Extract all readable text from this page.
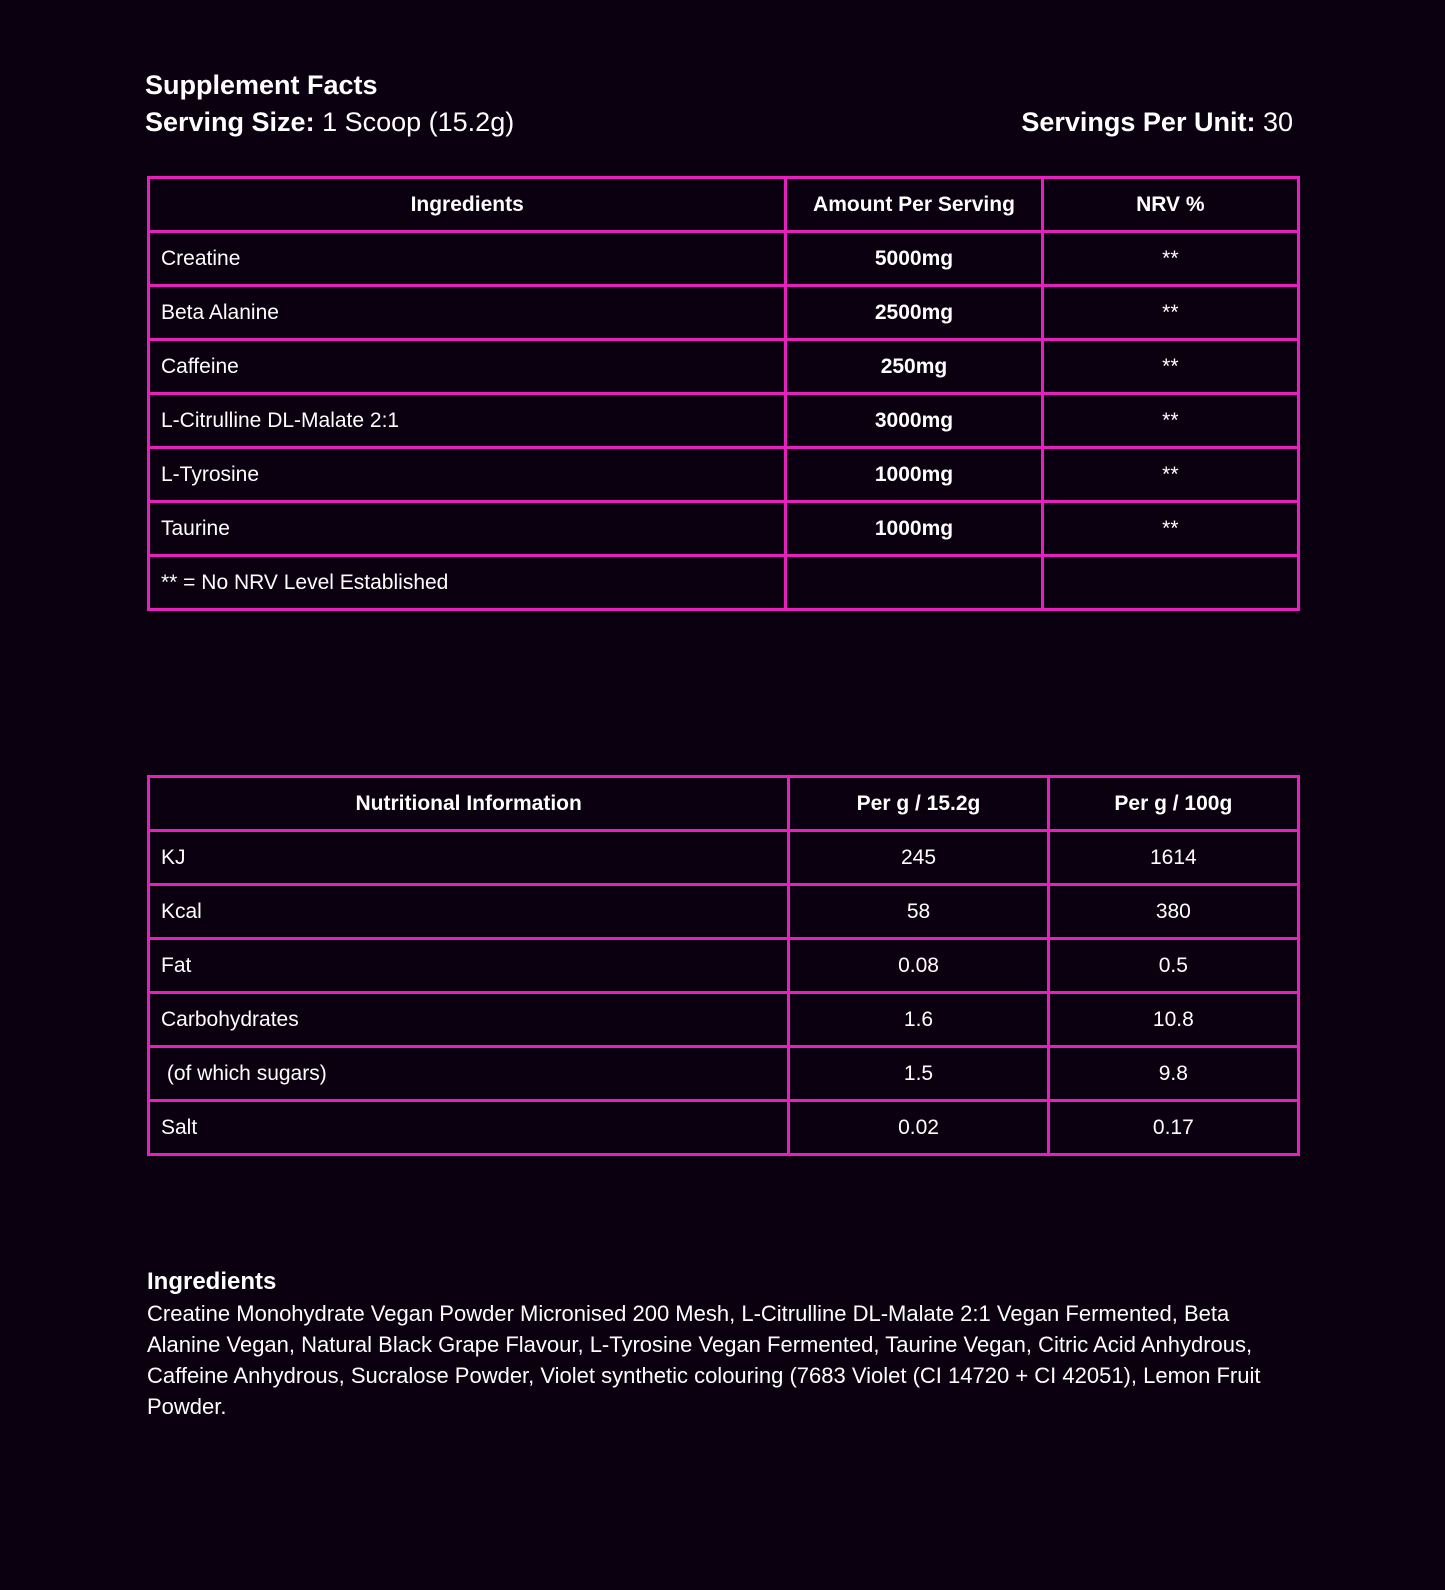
Supplement Facts
Serving Size: 1 Scoop (15.2g)	Servings Per Unit: 30
Ingredients	Amount Per Serving	NRV %
Creatine	5000mg	**
Beta Alanine	2500mg	**
Caffeine	250mg	**
L-Citrulline DL-Malate 2:1	3000mg	**
L-Tyrosine	1000mg	**
Taurine	1000mg	**
** = No NRV Level Established		
Nutritional Information	Per g / 15.2g	Per g / 100g
KJ	245	1614
Kcal	58	380
Fat	0.08	0.5
Carbohydrates	1.6	10.8
(of which sugars)	1.5	9.8
Salt	0.02	0.17
Ingredients
Creatine Monohydrate Vegan Powder Micronised 200 Mesh, L-Citrulline DL-Malate 2:1 Vegan Fermented, Beta Alanine Vegan, Natural Black Grape Flavour, L-Tyrosine Vegan Fermented, Taurine Vegan, Citric Acid Anhydrous, Caffeine Anhydrous, Sucralose Powder, Violet synthetic colouring (7683 Violet (CI 14720 + CI 42051), Lemon Fruit Powder.
